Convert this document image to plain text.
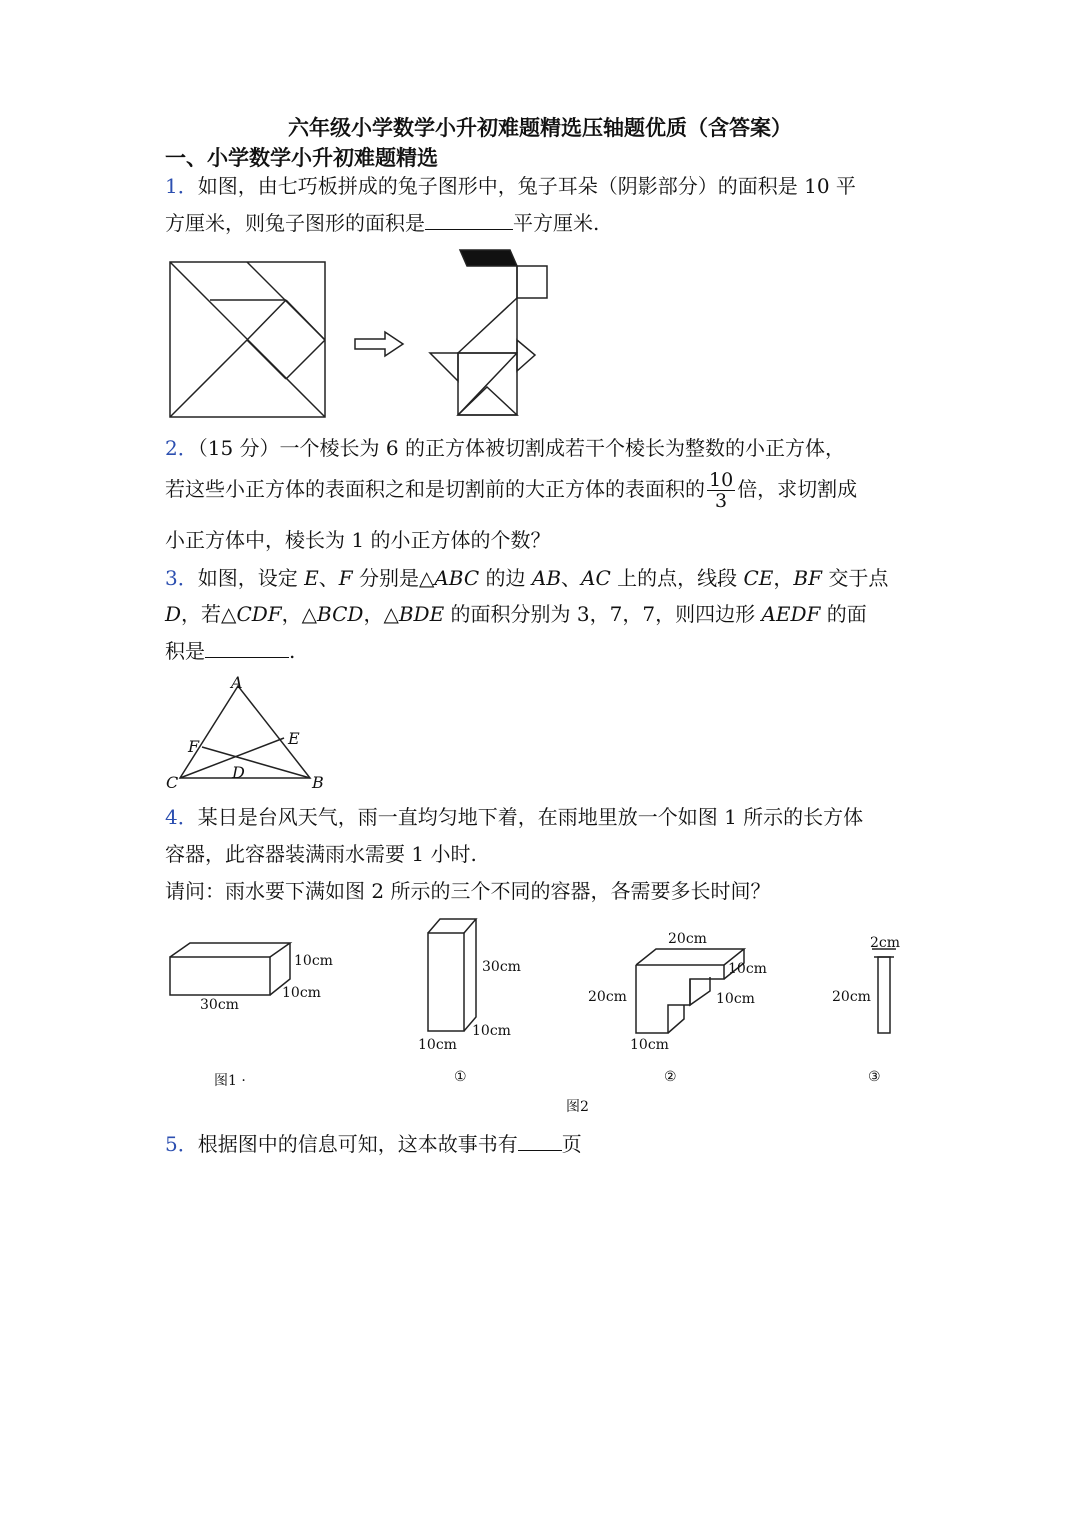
六年级小学数学小升初难题精选压轴题优质（含答案）
一、小学数学小升初难题精选
1．如图，由七巧板拼成的兔子图形中，兔子耳朵（阴影部分）的面积是 10 平
方厘米，则兔子图形的面积是	平方厘米.
2．（15 分）一个棱长为 6 的正方体被切割成若干个棱长为整数的小正方体，
若这些小正方体的表面积之和是切割前的大正方体的表面积的 $\frac{10}{3}$ 倍，求切割成
小正方体中，棱长为 1 的小正方体的个数？
3．如图，设定 E、F 分别是△ABC 的边 AB、AC 上的点，线段 CE，BF 交于点
D，若△CDF，△BCD，△BDE 的面积分别为 3，7，7，则四边形 AEDF 的面
积是	.
A
B
C
D
E
F
4．某日是台风天气，雨一直均匀地下着，在雨地里放一个如图 1 所示的长方体
容器，此容器装满雨水需要 1 小时.
请问：雨水要下满如图 2 所示的三个不同的容器，各需要多长时间？
10cm
10cm
30cm
图1 ·
30cm
10cm
10cm
①
20cm
10cm
20cm	10cm
10cm
②
2cm
20cm
③
图2
5．根据图中的信息可知，这本故事书有 页
